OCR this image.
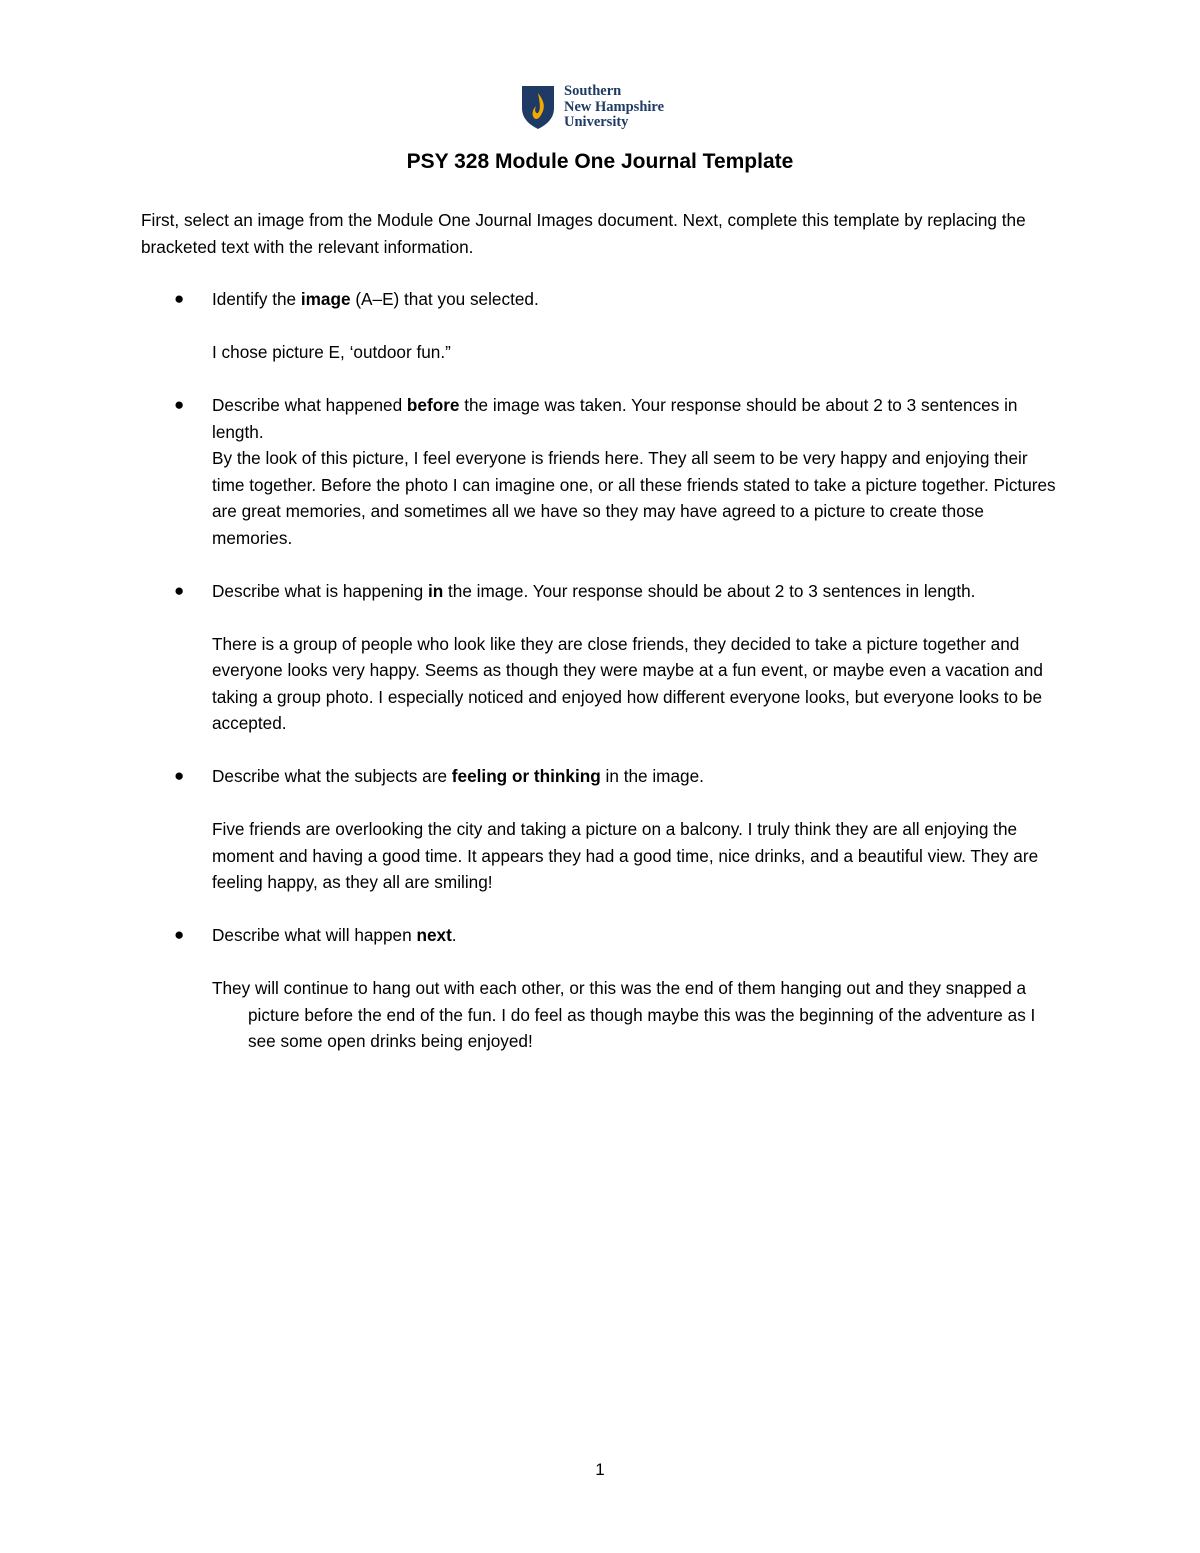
Southern
New Hampshire
University
PSY 328 Module One Journal Template
First, select an image from the Module One Journal Images document. Next, complete this template by replacing the bracketed text with the relevant information.
● Identify the image (A–E) that you selected.
I chose picture E, ‘outdoor fun.”
● Describe what happened before the image was taken. Your response should be about 2 to 3 sentences in length.
By the look of this picture, I feel everyone is friends here. They all seem to be very happy and enjoying their time together. Before the photo I can imagine one, or all these friends stated to take a picture together. Pictures are great memories, and sometimes all we have so they may have agreed to a picture to create those memories.
● Describe what is happening in the image. Your response should be about 2 to 3 sentences in length.
There is a group of people who look like they are close friends, they decided to take a picture together and everyone looks very happy. Seems as though they were maybe at a fun event, or maybe even a vacation and taking a group photo. I especially noticed and enjoyed how different everyone looks, but everyone looks to be accepted.
● Describe what the subjects are feeling or thinking in the image.
Five friends are overlooking the city and taking a picture on a balcony. I truly think they are all enjoying the moment and having a good time. It appears they had a good time, nice drinks, and a beautiful view. They are feeling happy, as they all are smiling!
● Describe what will happen next.
They will continue to hang out with each other, or this was the end of them hanging out and they snapped a picture before the end of the fun. I do feel as though maybe this was the beginning of the adventure as I see some open drinks being enjoyed!
1
